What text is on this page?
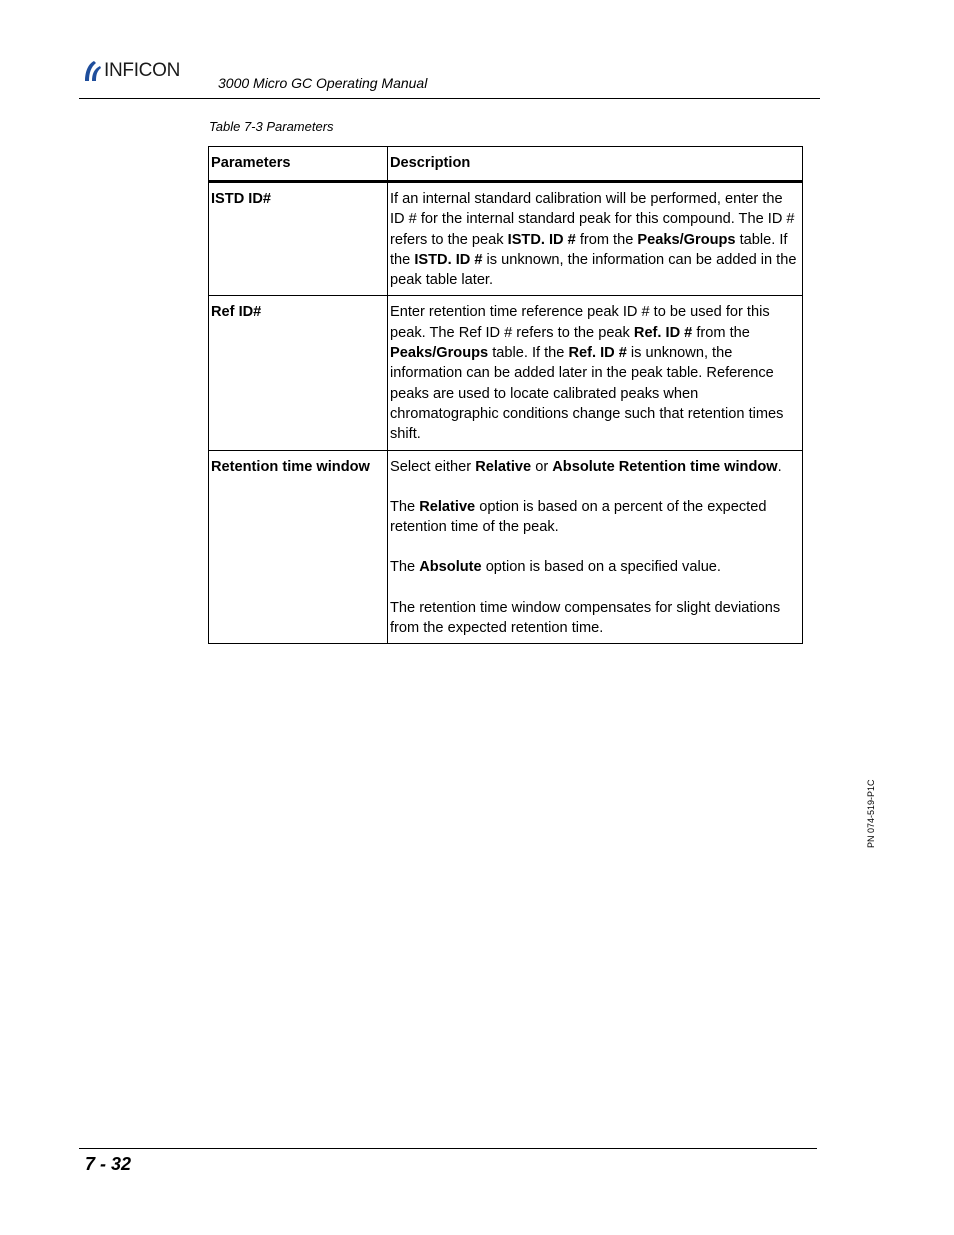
INFICON
3000 Micro GC Operating Manual
Table 7-3 Parameters
Parameters	Description
ISTD ID#	If an internal standard calibration will be performed, enter the ID # for the internal standard peak for this compound. The ID # refers to the peak ISTD. ID # from the Peaks/Groups table. If the ISTD. ID # is unknown, the information can be added in the peak table later.

Ref ID#	Enter retention time reference peak ID # to be used for this peak. The Ref ID # refers to the peak Ref. ID # from the Peaks/Groups table. If the Ref. ID # is unknown, the information can be added later in the peak table. Reference peaks are used to locate calibrated peaks when chromatographic conditions change such that retention times shift.

Retention time window	Select either Relative or Absolute Retention time window.

The Relative option is based on a percent of the expected retention time of the peak.

The Absolute option is based on a specified value.

The retention time window compensates for slight deviations from the expected retention time.

PN 074-519-P1C
7 - 32
